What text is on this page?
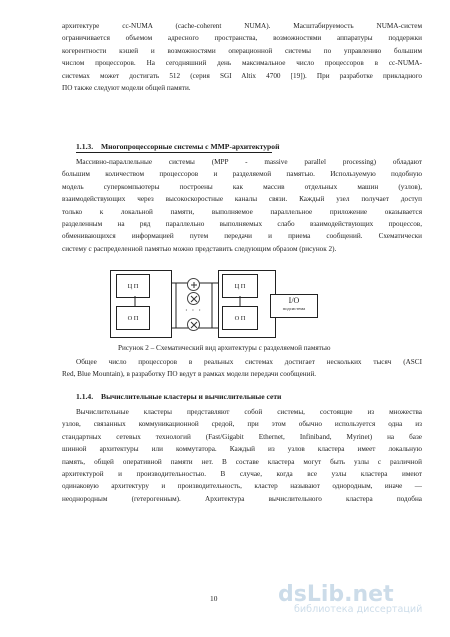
архитектуре cc-NUMA (cache-coherent NUMA). Масштабируемость NUMA-систем
ограничивается объемом адресного пространства, возможностями аппаратуры поддержки
когерентности кэшей и возможностями операционной системы по управлению большим
числом процессоров. На сегодняшний день максимальное число процессоров в cc-NUMA-
системах может достигать 512 (серия SGI Altix 4700 [19]). При разработке прикладного
ПО также следуют модели общей памяти.
1.1.3. Многопроцессорные системы с MMP-архитектурой
Массивно-параллельные системы (MPP - massive parallel processing) обладают
большим количеством процессоров и разделяемой памятью. Используемую подобную
модель суперкомпьютеры построены как массив отдельных машин (узлов),
взаимодействующих через высокоскоростные каналы связи. Каждый узел получает доступ
только к локальной памяти, выполняемое параллельное приложение оказывается
разделенным на ряд параллельно выполняемых слабо взаимодействующих процессов,
обменивающихся информацией путем передачи и приема сообщений. Схематически
систему с распределенной памятью можно представить следующим образом (рисунок 2).
Ц П
О П
Ц П
О П
· · ·
I/O
подсистема
Рисунок 2 – Схематический вид архитектуры с разделяемой памятью
Общее число процессоров в реальных системах достигает нескольких тысяч (ASCI
Red, Blue Mountain), в разработку ПО ведут в рамках модели передачи сообщений.
1.1.4. Вычислительные кластеры и вычислительные сети
Вычислительные кластеры представляют собой системы, состоящие из множества
узлов, связанных коммуникационной средой, при этом обычно используется одна из
стандартных сетевых технологий (Fast/Gigabit Ethernet, Infiniband, Myrinet) на базе
шинной архитектуры или коммутатора. Каждый из узлов кластера имеет локальную
память, общей оперативной памяти нет. В составе кластера могут быть узлы с различной
архитектурой и производительностью. В случае, когда все узлы кластера имеют
одинаковую архитектуру и производительность, кластер называют однородным, иначе —
неоднородным (гетерогенным). Архитектура вычислительного кластера подобна
10	dsLib.net
библиотека диссертаций
